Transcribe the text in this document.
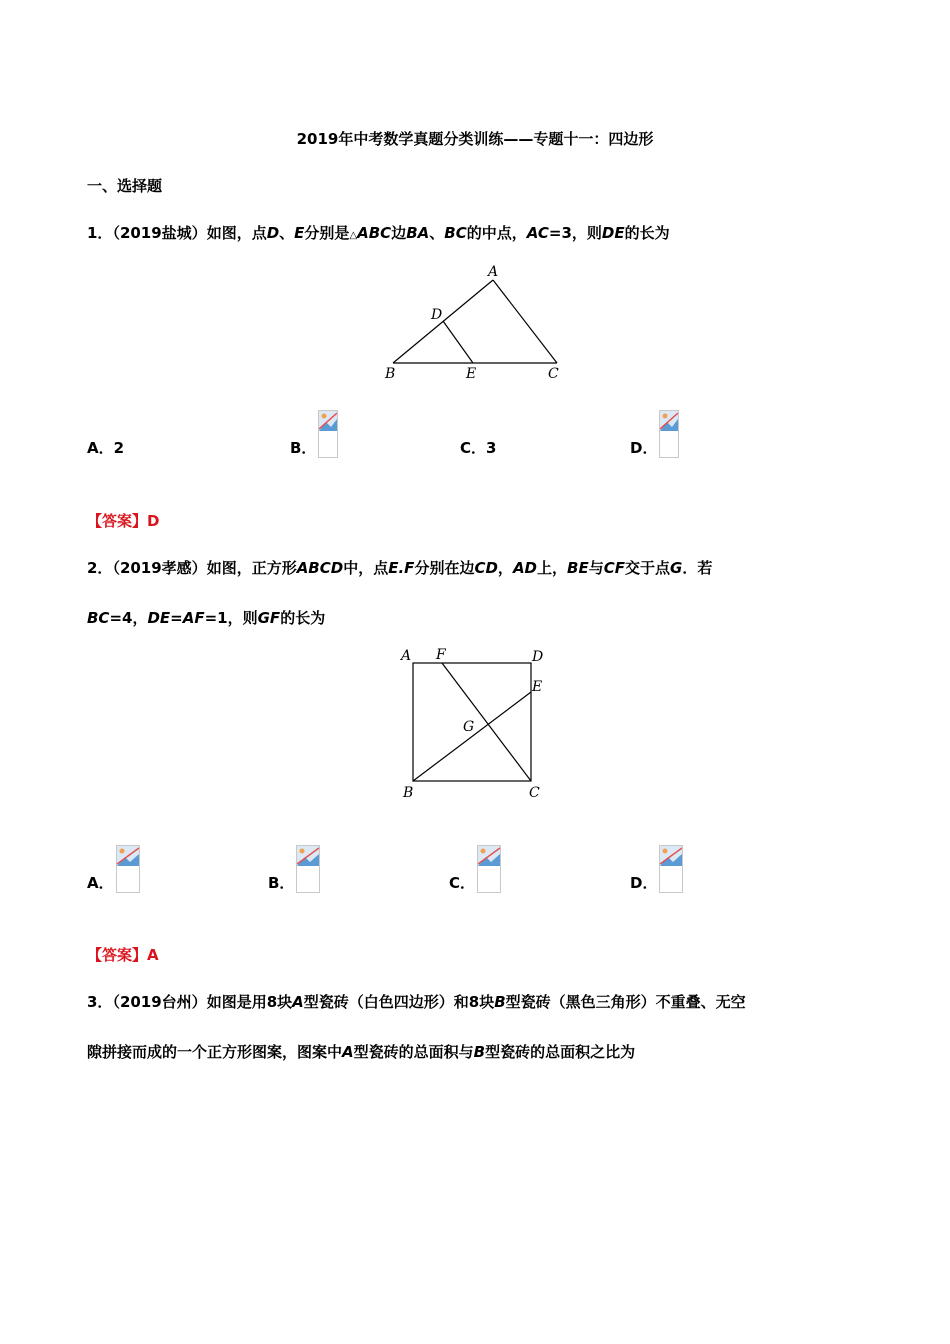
2019年中考数学真题分类训练——专题十一：四边形
一、选择题
1．（2019盐城）如图，点D、E分别是△ABC边BA、BC的中点，AC=3，则DE的长为
A
D
B	E	C
A．2	B．	C．3	D．
【答案】D
2．（2019孝感）如图，正方形ABCD中，点E.F分别在边CD，AD上，BE与CF交于点G．若
BC=4，DE=AF=1，则GF的长为
A F	D
E
G
B	C
A．	B．	C．	D．
【答案】A
3．（2019台州）如图是用8块A型瓷砖（白色四边形）和8块B型瓷砖（黑色三角形）不重叠、无空
隙拼接而成的一个正方形图案，图案中A型瓷砖的总面积与B型瓷砖的总面积之比为
